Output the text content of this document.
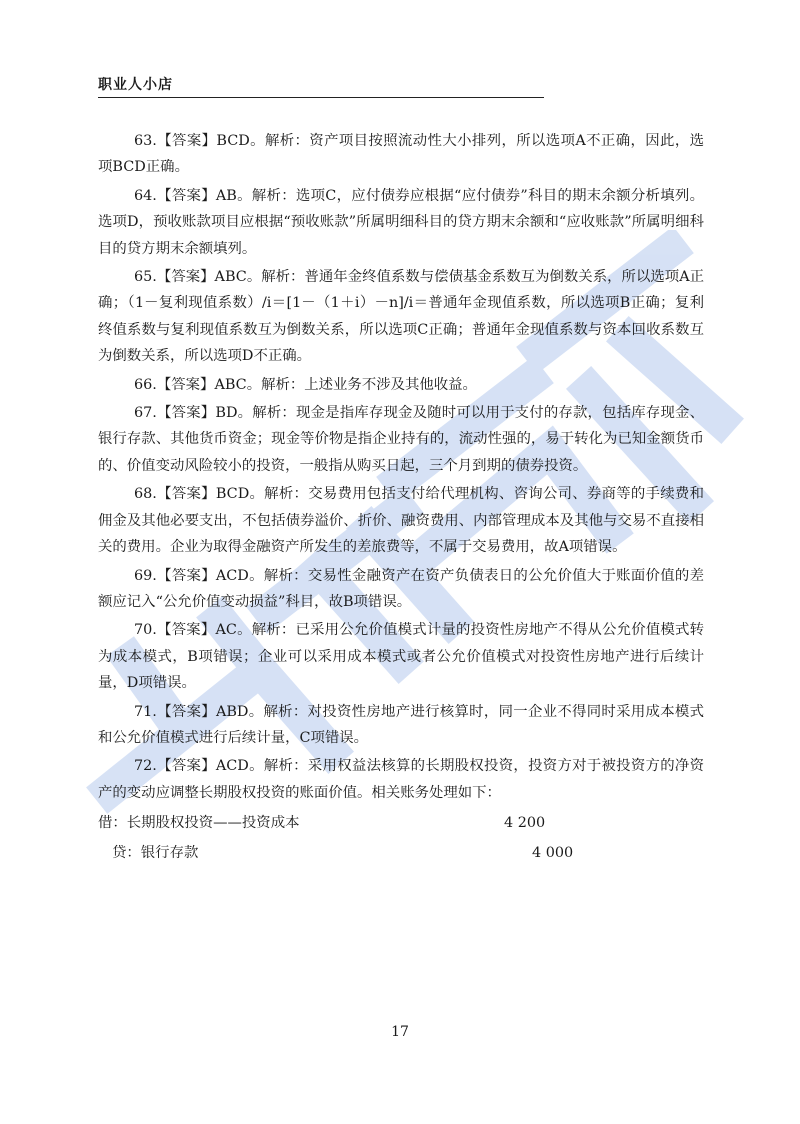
职业人小店

63.【答案】BCD。解析：资产项目按照流动性大小排列，所以选项A不正确，因此，选项BCD正确。

64.【答案】AB。解析：选项C，应付债券应根据“应付债券”科目的期末余额分析填列。选项D，预收账款项目应根据“预收账款”所属明细科目的贷方期末余额和“应收账款”所属明细科目的贷方期末余额填列。

65.【答案】ABC。解析：普通年金终值系数与偿债基金系数互为倒数关系，所以选项A正确；（1－复利现值系数）/i＝[1－（1＋i）－n]/i＝普通年金现值系数，所以选项B正确；复利终值系数与复利现值系数互为倒数关系，所以选项C正确；普通年金现值系数与资本回收系数互为倒数关系，所以选项D不正确。

66.【答案】ABC。解析：上述业务不涉及其他收益。

67.【答案】BD。解析：现金是指库存现金及随时可以用于支付的存款，包括库存现金、银行存款、其他货币资金；现金等价物是指企业持有的，流动性强的，易于转化为已知金额货币的、价值变动风险较小的投资，一般指从购买日起，三个月到期的债券投资。

68.【答案】BCD。解析：交易费用包括支付给代理机构、咨询公司、券商等的手续费和佣金及其他必要支出，不包括债券溢价、折价、融资费用、内部管理成本及其他与交易不直接相关的费用。企业为取得金融资产所发生的差旅费等，不属于交易费用，故A项错误。

69.【答案】ACD。解析：交易性金融资产在资产负债表日的公允价值大于账面价值的差额应记入“公允价值变动损益”科目，故B项错误。

70.【答案】AC。解析：已采用公允价值模式计量的投资性房地产不得从公允价值模式转为成本模式，B项错误；企业可以采用成本模式或者公允价值模式对投资性房地产进行后续计量，D项错误。

71.【答案】ABD。解析：对投资性房地产进行核算时，同一企业不得同时采用成本模式和公允价值模式进行后续计量，C项错误。

72.【答案】ACD。解析：采用权益法核算的长期股权投资，投资方对于被投资方的净资产的变动应调整长期股权投资的账面价值。相关账务处理如下：

借：长期股权投资——投资成本	4 200
贷：银行存款	4 000
17
